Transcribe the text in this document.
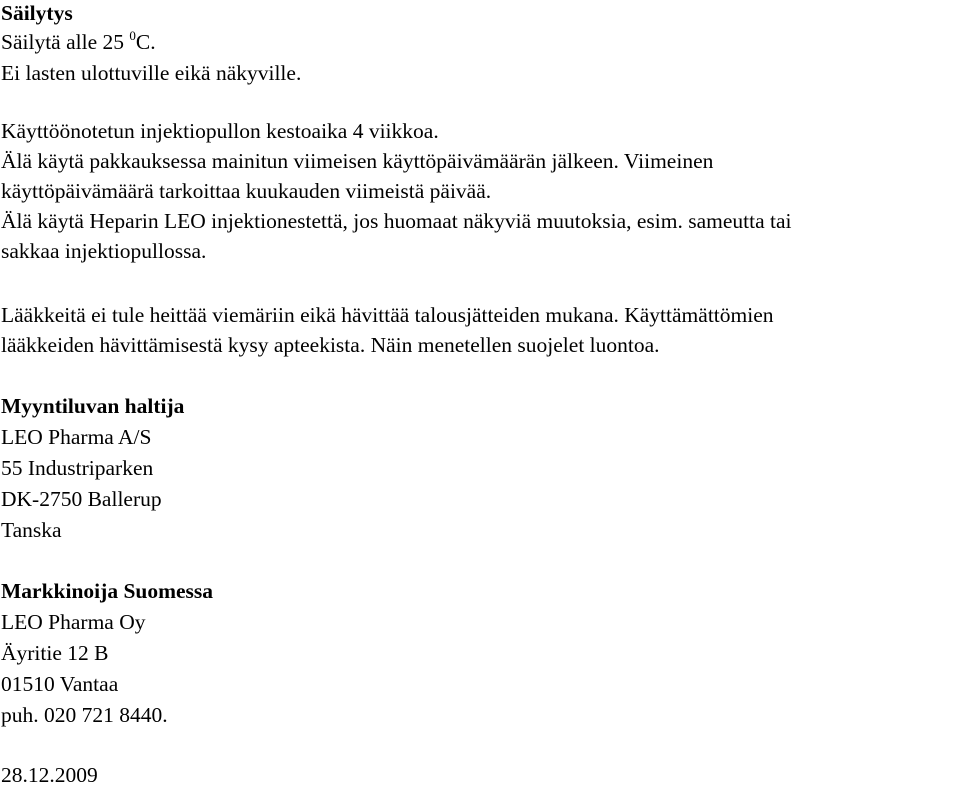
Säilytys
Säilytä alle 25 $^0$C.
Ei lasten ulottuville eikä näkyville.
Käyttöönotetun injektiopullon kestoaika 4 viikkoa.
Älä käytä pakkauksessa mainitun viimeisen käyttöpäivämäärän jälkeen. Viimeinen
käyttöpäivämäärä tarkoittaa kuukauden viimeistä päivää.
Älä käytä Heparin LEO injektionestettä, jos huomaat näkyviä muutoksia, esim. sameutta tai
sakkaa injektiopullossa.
Lääkkeitä ei tule heittää viemäriin eikä hävittää talousjätteiden mukana. Käyttämättömien
lääkkeiden hävittämisestä kysy apteekista. Näin menetellen suojelet luontoa.
Myyntiluvan haltija
LEO Pharma A/S
55 Industriparken
DK-2750 Ballerup
Tanska
Markkinoija Suomessa
LEO Pharma Oy
Äyritie 12 B
01510 Vantaa
puh. 020 721 8440.
28.12.2009
